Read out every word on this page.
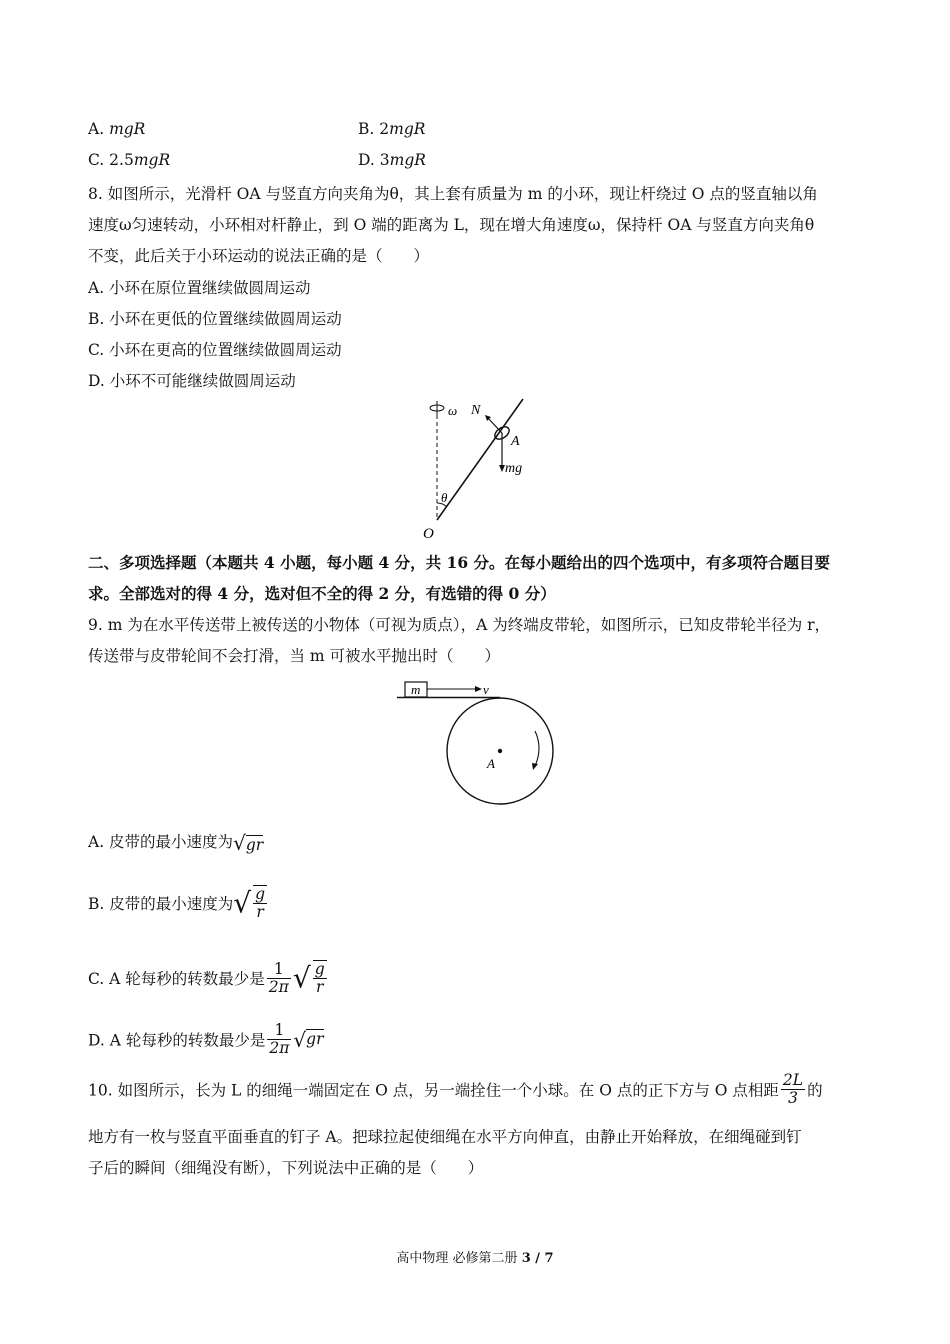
A. mgR	B. 2mgR
C. 2.5mgR	D. 3mgR
8. 如图所示，光滑杆 OA 与竖直方向夹角为θ，其上套有质量为 m 的小环，现让杆绕过 O 点的竖直轴以角
速度ω匀速转动，小环相对杆静止，到 O 端的距离为 L，现在增大角速度ω，保持杆 OA 与竖直方向夹角θ
不变，此后关于小环运动的说法正确的是（　　）
A. 小环在原位置继续做圆周运动
B. 小环在更低的位置继续做圆周运动
C. 小环在更高的位置继续做圆周运动
D. 小环不可能继续做圆周运动
ω N
A
mg
θ
O
二、多项选择题（本题共 4 小题，每小题 4 分，共 16 分。在每小题给出的四个选项中，有多项符合题目要
求。全部选对的得 4 分，选对但不全的得 2 分，有选错的得 0 分）
9. m 为在水平传送带上被传送的小物体（可视为质点），A 为终端皮带轮，如图所示，已知皮带轮半径为 r，
传送带与皮带轮间不会打滑，当 m 可被水平抛出时（　　）
m	v
A
A. 皮带的最小速度为√gr
B. 皮带的最小速度为√ $\frac{g}{r}$
C. A 轮每秒的转数最少是 $\frac{1}{2\pi}$ √ $\frac{g}{r}$
D. A 轮每秒的转数最少是 $\frac{1}{2\pi} √gr$
10. 如图所示，长为 L 的细绳一端固定在 O 点，另一端拴住一个小球。在 O 点的正下方与 O 点相距 $\frac{2L}{3}$ 的
地方有一枚与竖直平面垂直的钉子 A。把球拉起使细绳在水平方向伸直，由静止开始释放，在细绳碰到钉
子后的瞬间（细绳没有断），下列说法中正确的是（　　）
高中物理 必修第二册 3 / 7
